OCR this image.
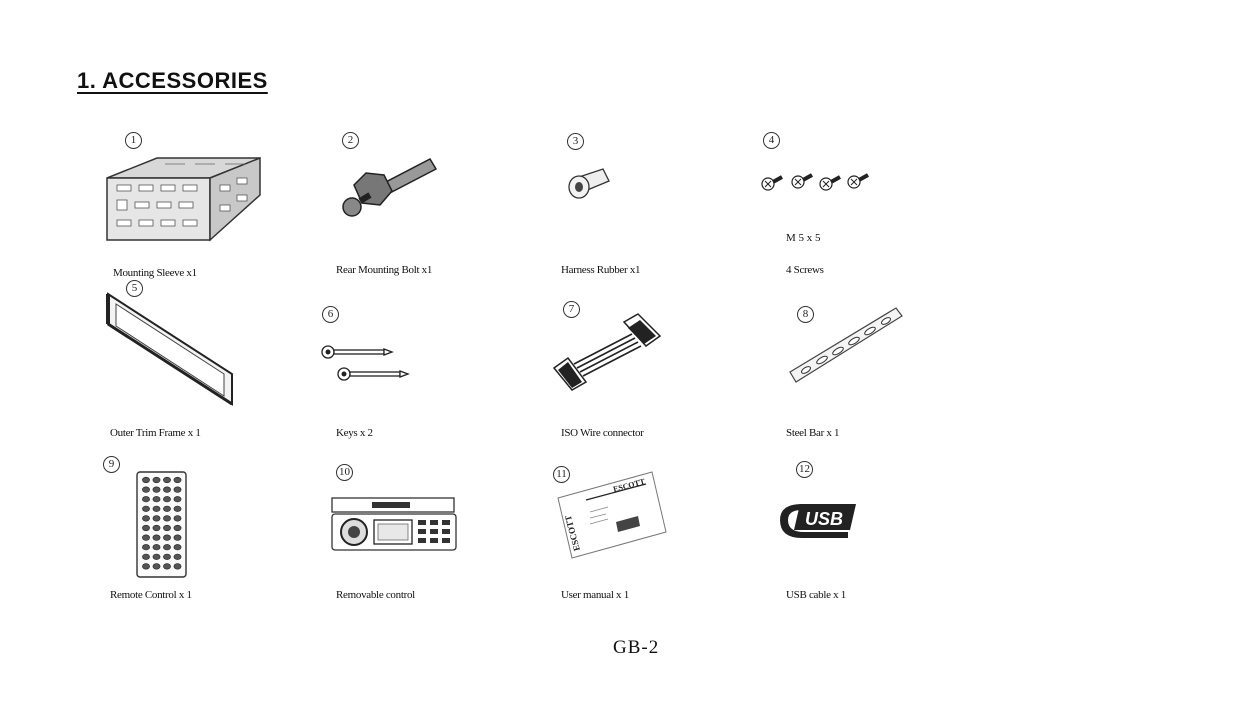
1. ACCESSORIES
1
Mounting Sleeve x1
2
Rear Mounting Bolt x1
3
Harness Rubber x1
4
M 5 x 5
4 Screws
5
Outer Trim Frame x 1
6
Keys x 2
7
ISO Wire connector
8
Steel Bar x 1
9
Remote Control x 1
10
Removable control
11
ESCOTT
ESCOTT
User manual x 1
12
USB
USB cable x 1
GB-2
